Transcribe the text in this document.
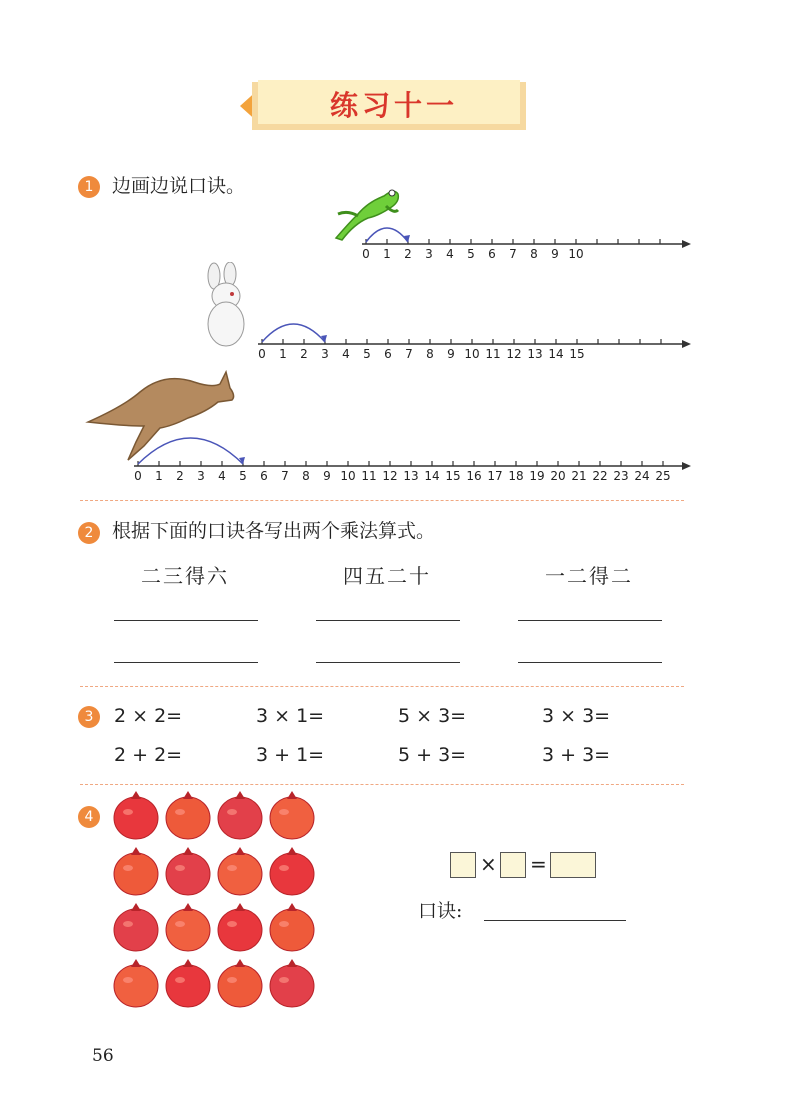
练习十一
1 边画边说口诀。
0 1 2 3 4 5 6 7 8 9 10
0 1 2 3 4 5 6 7 8 9 10 11 12 13 14 15
0 1 2 3 4 5 6 7 8 9 10 11 12 13 14 15 16 17 18 19 20 21 22 23 24 25
2 根据下面的口诀各写出两个乘法算式。
二三得六	四五二十	一二得二
3	2 × 2=	3 × 1=	5 × 3=	3 × 3=
2 + 2=	3 + 1=	5 + 3=	3 + 3=
4
× =
口诀:
56
